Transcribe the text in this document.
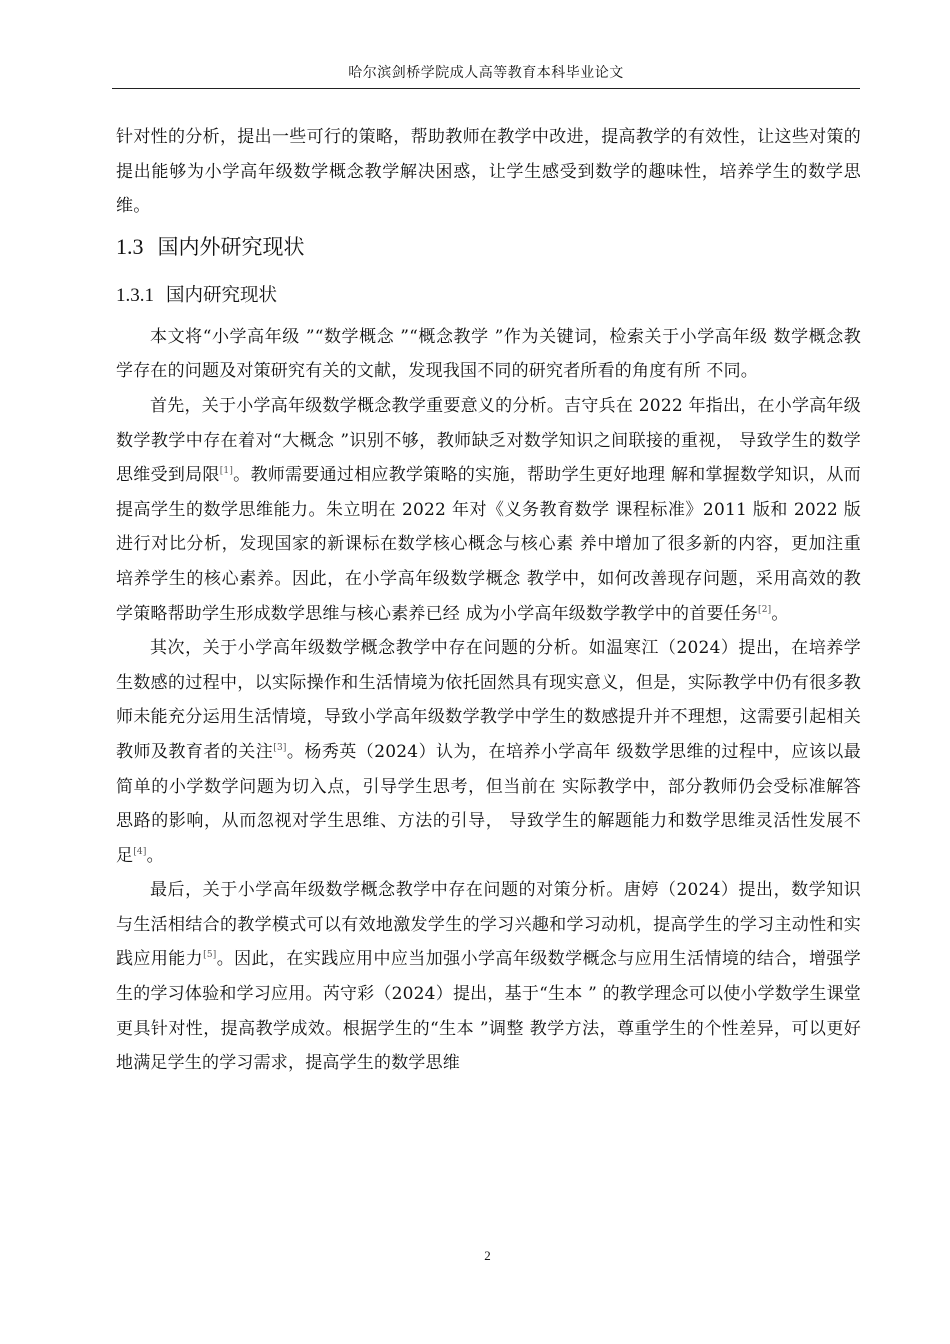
哈尔滨剑桥学院成人高等教育本科毕业论文

针对性的分析，提出一些可行的策略，帮助教师在教学中改进，提高教学的有效性，让这些对策的提出能够为小学高年级数学概念教学解决困惑，让学生感受到数学的趣味性，培养学生的数学思维。

1.3 国内外研究现状
1.3.1 国内研究现状

本文将“小学高年级 ”“数学概念 ”“概念教学 ”作为关键词，检索关于小学高年级 数学概念教学存在的问题及对策研究有关的文献，发现我国不同的研究者所看的角度有所 不同。

首先，关于小学高年级数学概念教学重要意义的分析。吉守兵在 2022 年指出，在小学高年级数学教学中存在着对“大概念 ”识别不够，教师缺乏对数学知识之间联接的重视， 导致学生的数学思维受到局限[1]。教师需要通过相应教学策略的实施，帮助学生更好地理 解和掌握数学知识，从而提高学生的数学思维能力。朱立明在 2022 年对《义务教育数学 课程标准》2011 版和 2022 版进行对比分析，发现国家的新课标在数学核心概念与核心素 养中增加了很多新的内容，更加注重培养学生的核心素养。因此，在小学高年级数学概念 教学中，如何改善现存问题，采用高效的教学策略帮助学生形成数学思维与核心素养已经 成为小学高年级数学教学中的首要任务[2]。

其次，关于小学高年级数学概念教学中存在问题的分析。如温寒江（2024）提出，在培养学生数感的过程中，以实际操作和生活情境为依托固然具有现实意义，但是，实际教学中仍有很多教师未能充分运用生活情境，导致小学高年级数学教学中学生的数感提升并不理想，这需要引起相关教师及教育者的关注[3]。杨秀英（2024）认为，在培养小学高年 级数学思维的过程中，应该以最简单的小学数学问题为切入点，引导学生思考，但当前在 实际教学中，部分教师仍会受标准解答思路的影响，从而忽视对学生思维、方法的引导， 导致学生的解题能力和数学思维灵活性发展不足[4]。

最后，关于小学高年级数学概念教学中存在问题的对策分析。唐婷（2024）提出，数学知识与生活相结合的教学模式可以有效地激发学生的学习兴趣和学习动机，提高学生的学习主动性和实践应用能力[5]。因此，在实践应用中应当加强小学高年级数学概念与应用生活情境的结合，增强学生的学习体验和学习应用。芮守彩（2024）提出，基于“生本 ” 的教学理念可以使小学数学生课堂更具针对性，提高教学成效。根据学生的“生本 ”调整 教学方法，尊重学生的个性差异，可以更好地满足学生的学习需求，提高学生的数学思维

2
